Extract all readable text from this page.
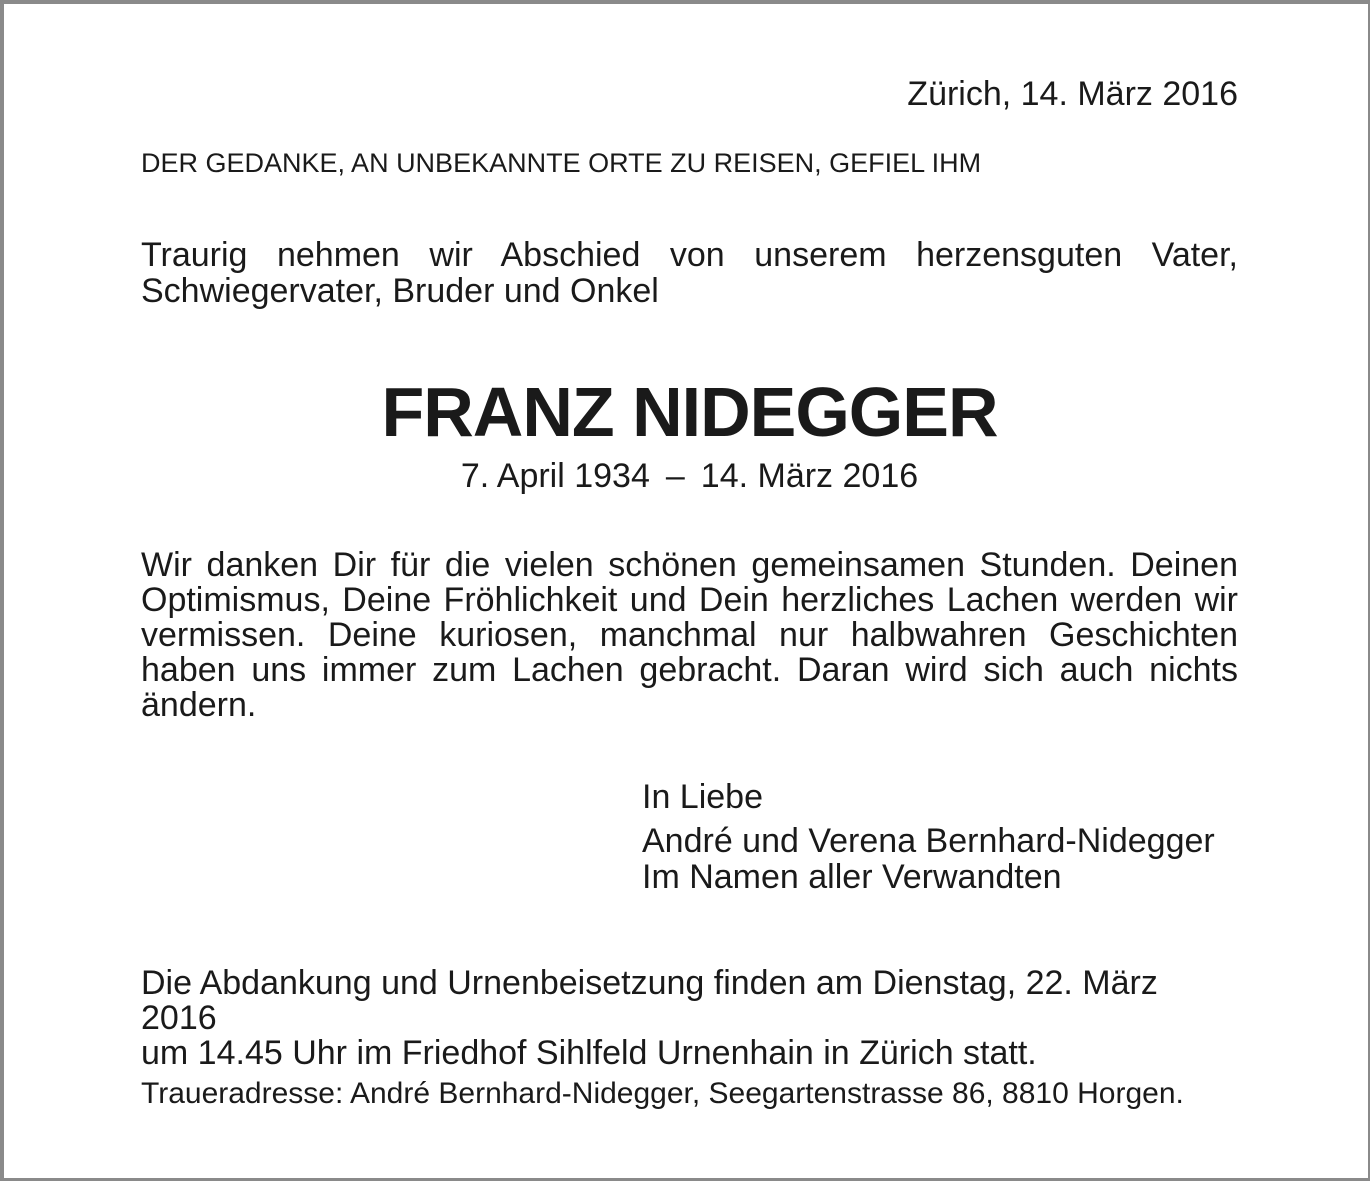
Zürich, 14. März 2016

DER GEDANKE, AN UNBEKANNTE ORTE ZU REISEN, GEFIEL IHM

Traurig nehmen wir Abschied von unserem herzensguten Vater,
Schwiegervater, Bruder und Onkel

FRANZ NIDEGGER

7. April 1934 – 14. März 2016

Wir danken Dir für die vielen schönen gemeinsamen Stunden. Deinen
Optimismus, Deine Fröhlichkeit und Dein herzliches Lachen werden wir
vermissen. Deine kuriosen, manchmal nur halbwahren Geschichten
haben uns immer zum Lachen gebracht. Daran wird sich auch nichts
ändern.

In Liebe
André und Verena Bernhard-Nidegger
Im Namen aller Verwandten

Die Abdankung und Urnenbeisetzung finden am Dienstag, 22. März 2016
um 14.45 Uhr im Friedhof Sihlfeld Urnenhain in Zürich statt.

Traueradresse: André Bernhard-Nidegger, Seegartenstrasse 86, 8810 Horgen.
